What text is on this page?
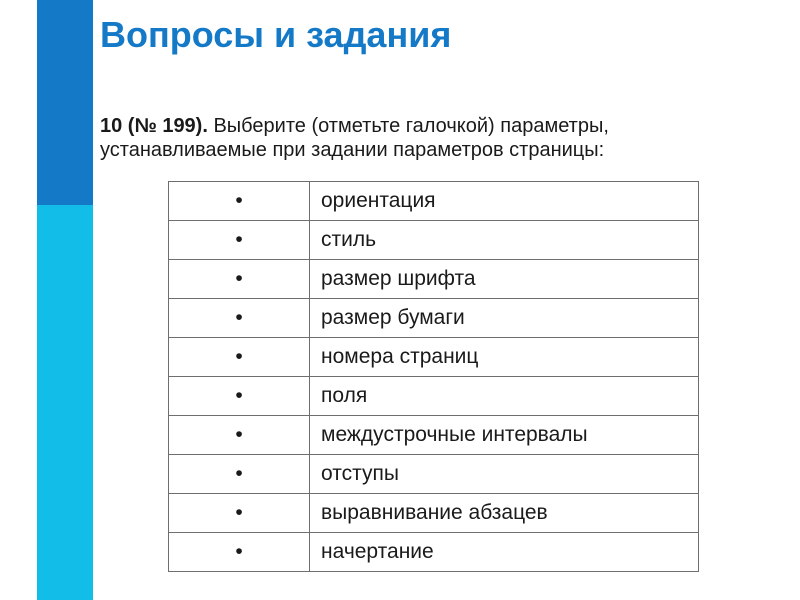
Вопросы и задания
10 (№ 199). Выберите (отметьте галочкой) параметры, устанавливаемые при задании параметров страницы:
•	ориентация
•	стиль
•	размер шрифта
•	размер бумаги
•	номера страниц
•	поля
•	междустрочные интервалы
•	отступы
•	выравнивание абзацев
•	начертание
